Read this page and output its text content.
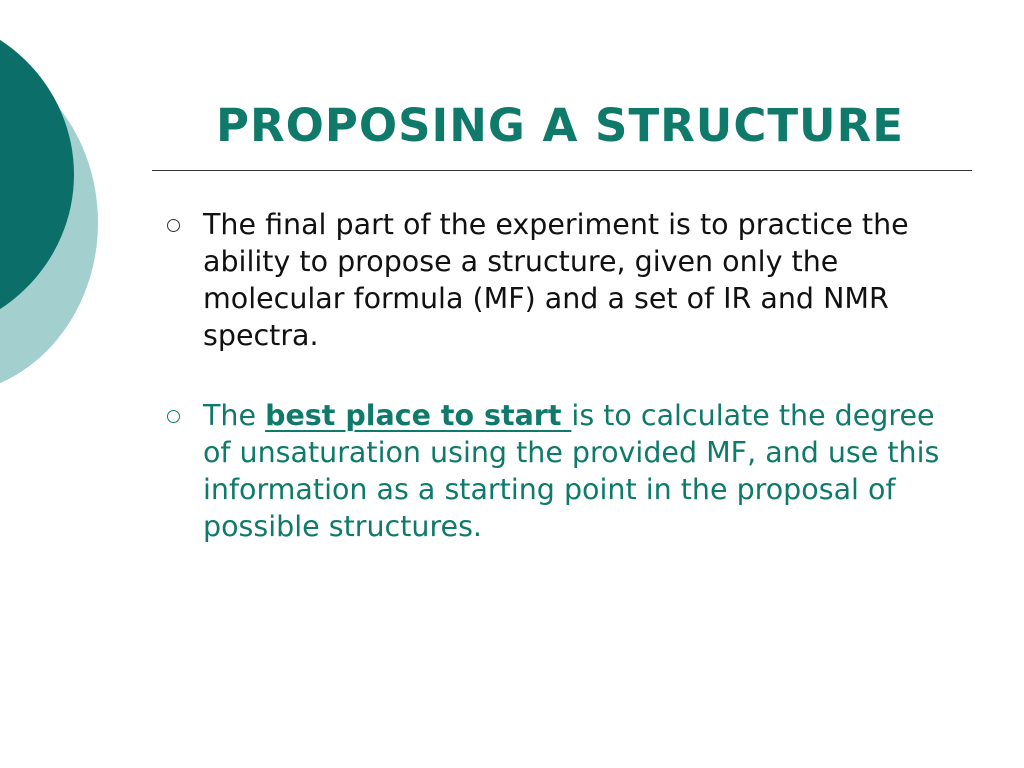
PROPOSING A STRUCTURE
The final part of the experiment is to practice the ability to propose a structure, given only the molecular formula (MF) and a set of IR and NMR spectra.
The best place to start is to calculate the degree of unsaturation using the provided MF, and use this information as a starting point in the proposal of possible structures.
